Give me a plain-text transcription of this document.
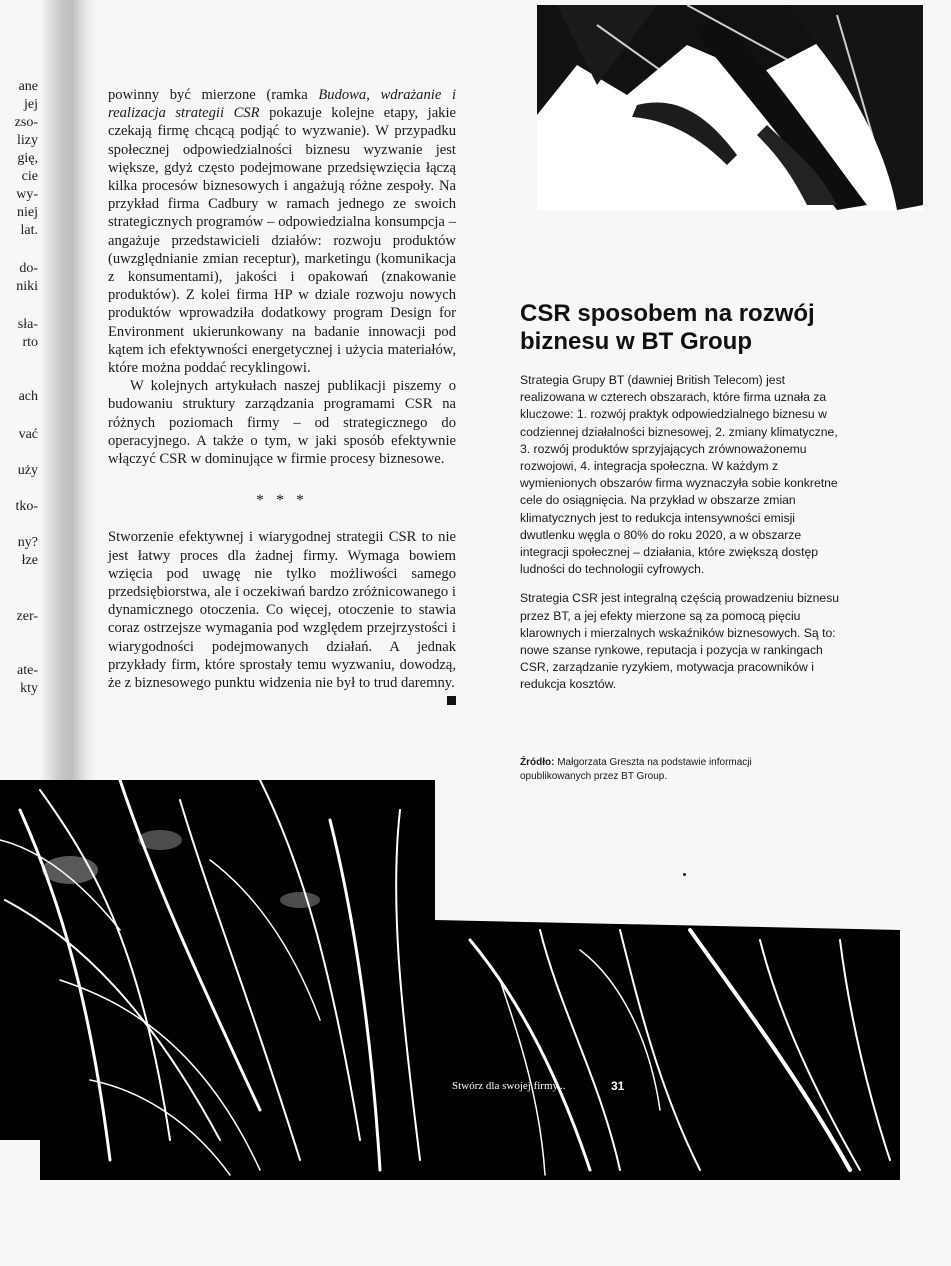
ane
jej
zso-
lizy
gię,
cie
wy-
niej
lat.
do-
niki
sła-
rto
ach
vać
uży
tko-
ny?
łze
zer-
ate-
kty

powinny być mierzone (ramka Budowa, wdrażanie i realizacja strategii CSR pokazuje kolejne etapy, jakie czekają firmę chcącą podjąć to wyzwanie). W przypadku społecznej odpowiedzialności biznesu wyzwanie jest większe, gdyż często podejmowane przedsięwzięcia łączą kilka procesów biznesowych i angażują różne zespoły. Na przykład firma Cadbury w ramach jednego ze swoich strategicznych programów – odpowiedzialna konsumpcja – angażuje przedstawicieli działów: rozwoju produktów (uwzględnianie zmian receptur), marketingu (komunikacja z konsumentami), jakości i opakowań (znakowanie produktów). Z kolei firma HP w dziale rozwoju nowych produktów wprowadziła dodatkowy program Design for Environment ukierunkowany na badanie innowacji pod kątem ich efektywności energetycznej i użycia materiałów, które można poddać recyklingowi.

W kolejnych artykułach naszej publikacji piszemy o budowaniu struktury zarządzania programami CSR na różnych poziomach firmy – od strategicznego do operacyjnego. A także o tym, w jaki sposób efektywnie włączyć CSR w dominujące w firmie procesy biznesowe.

* * *

Stworzenie efektywnej i wiarygodnej strategii CSR to nie jest łatwy proces dla żadnej firmy. Wymaga bowiem wzięcia pod uwagę nie tylko możliwości samego przedsiębiorstwa, ale i oczekiwań bardzo zróżnicowanego i dynamicznego otoczenia. Co więcej, otoczenie to stawia coraz ostrzejsze wymagania pod względem przejrzystości i wiarygodności podejmowanych działań. A jednak przykłady firm, które sprostały temu wyzwaniu, dowodzą, że z biznesowego punktu widzenia nie był to trud daremny.

CSR sposobem na rozwój biznesu w BT Group

Strategia Grupy BT (dawniej British Telecom) jest realizowana w czterech obszarach, które firma uznała za kluczowe: 1. rozwój praktyk odpowiedzialnego biznesu w codziennej działalności biznesowej, 2. zmiany klimatyczne, 3. rozwój produktów sprzyjających zrównoważonemu rozwojowi, 4. integracja społeczna. W każdym z wymienionych obszarów firma wyznaczyła sobie konkretne cele do osiągnięcia. Na przykład w obszarze zmian klimatycznych jest to redukcja intensywności emisji dwutlenku węgla o 80% do roku 2020, a w obszarze integracji społecznej – działania, które zwiększą dostęp ludności do technologii cyfrowych.

Strategia CSR jest integralną częścią prowadzeniu biznesu przez BT, a jej efekty mierzone są za pomocą pięciu klarownych i mierzalnych wskaźników biznesowych. Są to: nowe szanse rynkowe, reputacja i pozycja w rankingach CSR, zarządzanie ryzykiem, motywacja pracowników i redukcja kosztów.

Źródło: Małgorzata Greszta na podstawie informacji opublikowanych przez BT Group.
Stwórz dla swojej firmy...	31
